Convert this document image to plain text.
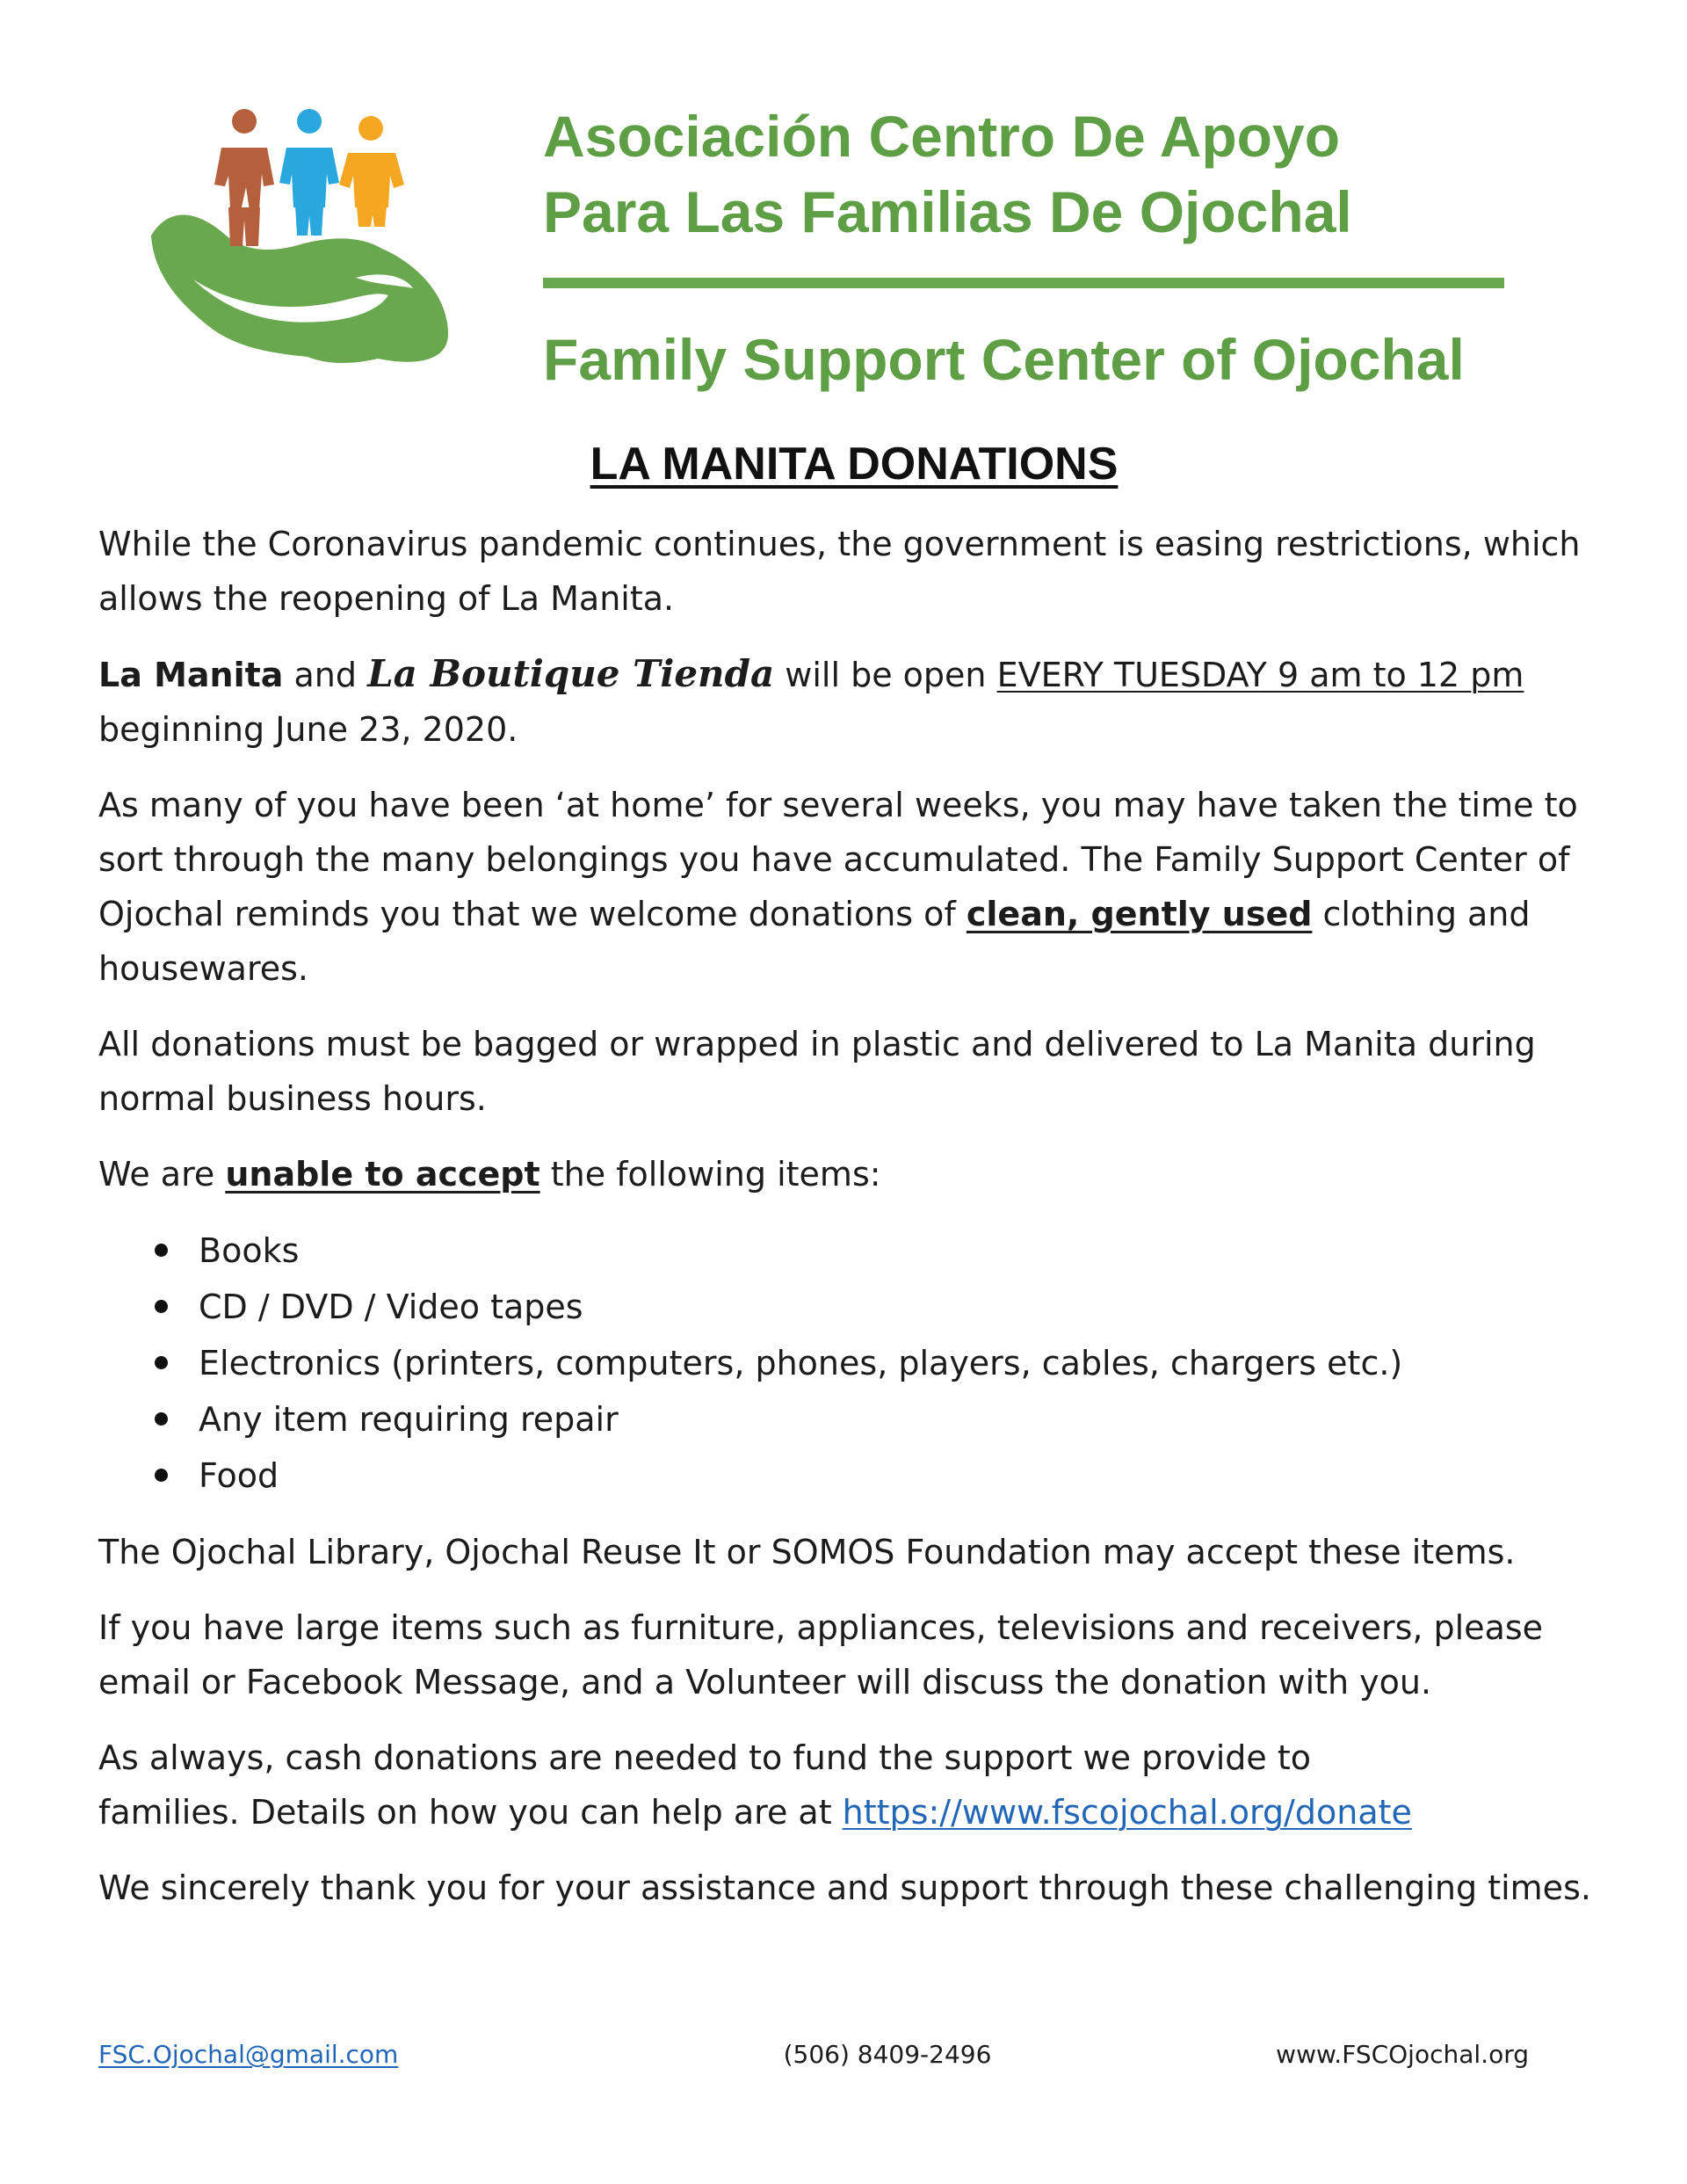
Asociación Centro De Apoyo
Para Las Familias De Ojochal
Family Support Center of Ojochal
LA MANITA DONATIONS

While the Coronavirus pandemic continues, the government is easing restrictions, which allows the reopening of La Manita.

La Manita and La Boutique Tienda will be open EVERY TUESDAY 9 am to 12 pm beginning June 23, 2020.

As many of you have been ‘at home’ for several weeks, you may have taken the time to sort through the many belongings you have accumulated. The Family Support Center of Ojochal reminds you that we welcome donations of clean, gently used clothing and housewares.

All donations must be bagged or wrapped in plastic and delivered to La Manita during normal business hours.

We are unable to accept the following items:

Books
CD / DVD / Video tapes
Electronics (printers, computers, phones, players, cables, chargers etc.)
Any item requiring repair
Food

The Ojochal Library, Ojochal Reuse It or SOMOS Foundation may accept these items.

If you have large items such as furniture, appliances, televisions and receivers, please email or Facebook Message, and a Volunteer will discuss the donation with you.

As always, cash donations are needed to fund the support we provide to
families. Details on how you can help are at https://www.fscojochal.org/donate

We sincerely thank you for your assistance and support through these challenging times.

FSC.Ojochal@gmail.com	(506) 8409-2496	www.FSCOjochal.org
